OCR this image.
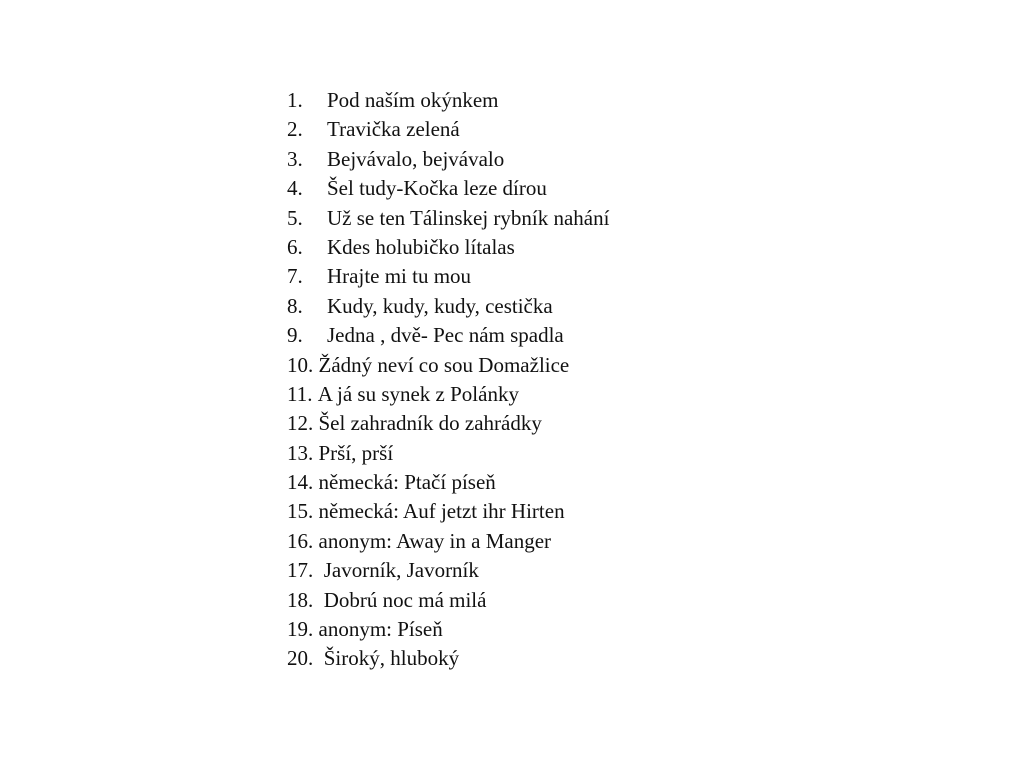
1.	Pod naším okýnkem
2.	Travička zelená
3.	Bejvávalo, bejvávalo
4.	Šel tudy-Kočka leze dírou
5.	Už se ten Tálinskej rybník nahání
6.	Kdes holubičko lítalas
7.	Hrajte mi tu mou
8.	Kudy, kudy, kudy, cestička
9.	Jedna , dvě- Pec nám spadla
10. Žádný neví co sou Domažlice
11. A já su synek z Polánky
12. Šel zahradník do zahrádky
13. Prší, prší
14. německá: Ptačí píseň
15. německá: Auf jetzt ihr Hirten
16. anonym: Away in a Manger
17. Javorník, Javorník
18. Dobrú noc má milá
19. anonym: Píseň
20. Široký, hluboký
